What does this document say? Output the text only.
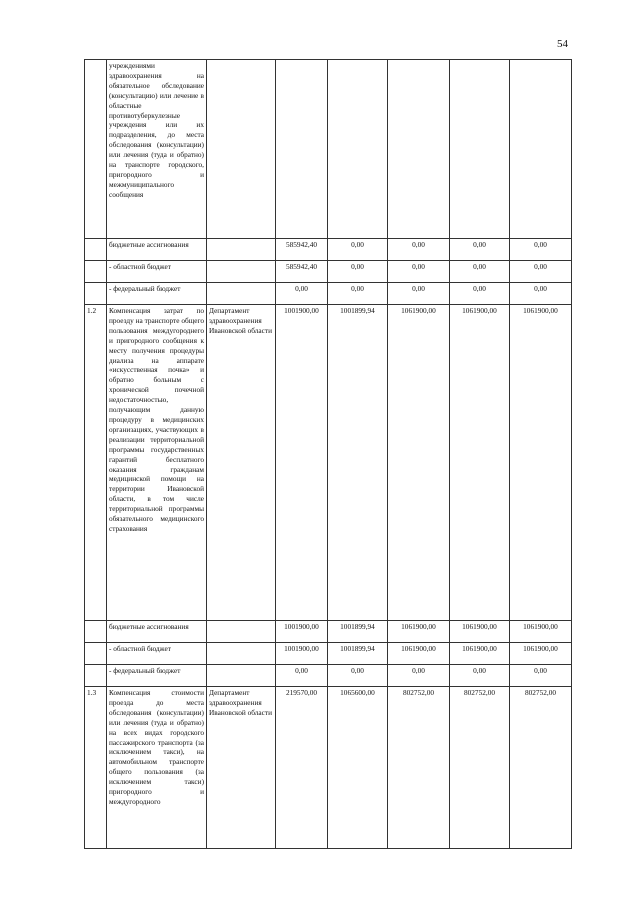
54
	учреждениями здравоохранения на обязательное обследование (консультацию) или лечение в областные противотуберкулезные учреждения или их подразделения, до места обследования (консультации) или лечения (туда и обратно) на транспорте городского, пригородного и межмуниципального сообщения						
	бюджетные ассигнования		585942,40	0,00	0,00	0,00	0,00
	- областной бюджет		585942,40	0,00	0,00	0,00	0,00
	- федеральный бюджет		0,00	0,00	0,00	0,00	0,00
1.2	Компенсация затрат по проезду на транспорте общего пользования междугороднего и пригородного сообщения к месту получения процедуры диализа на аппарате «искусственная почка» и обратно больным с хронической почечной недостаточностью, получающим данную процедуру в медицинских организациях, участвующих в реализации территориальной программы государственных гарантий бесплатного оказания гражданам медицинской помощи на территории Ивановской области, в том числе территориальной программы обязательного медицинского страхования	Департамент здравоохранения Ивановской области	1001900,00	1001899,94	1061900,00	1061900,00	1061900,00
	бюджетные ассигнования		1001900,00	1001899,94	1061900,00	1061900,00	1061900,00
	- областной бюджет		1001900,00	1001899,94	1061900,00	1061900,00	1061900,00
	- федеральный бюджет		0,00	0,00	0,00	0,00	0,00
1.3	Компенсация стоимости проезда до места обследования (консультации) или лечения (туда и обратно) на всех видах городского пассажирского транспорта (за исключением такси), на автомобильном транспорте общего пользования (за исключением такси) пригородного и междугородного	Департамент здравоохранения Ивановской области	219570,00	1065600,00	802752,00	802752,00	802752,00
